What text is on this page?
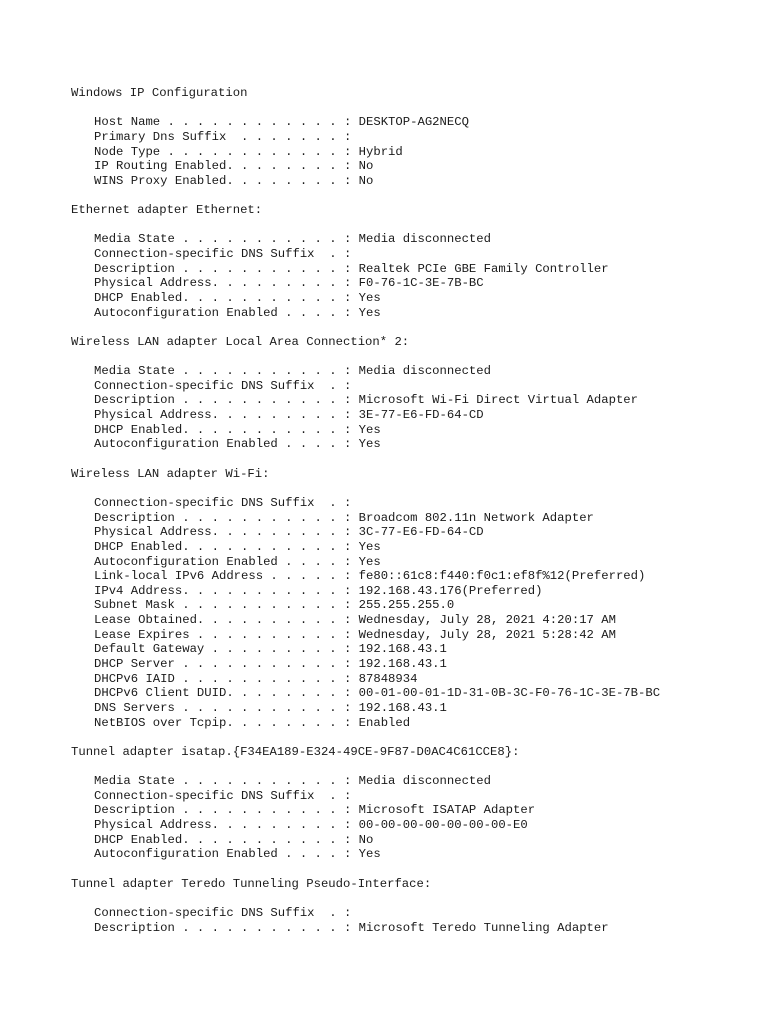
Windows IP Configuration
Host Name . . . . . . . . . . . . : DESKTOP-AG2NECQ
Primary Dns Suffix  . . . . . . . :
Node Type . . . . . . . . . . . . : Hybrid
IP Routing Enabled. . . . . . . . : No
WINS Proxy Enabled. . . . . . . . : No
Ethernet adapter Ethernet:
Media State . . . . . . . . . . . : Media disconnected
Connection-specific DNS Suffix  . :
Description . . . . . . . . . . . : Realtek PCIe GBE Family Controller
Physical Address. . . . . . . . . : F0-76-1C-3E-7B-BC
DHCP Enabled. . . . . . . . . . . : Yes
Autoconfiguration Enabled . . . . : Yes
Wireless LAN adapter Local Area Connection* 2:
Media State . . . . . . . . . . . : Media disconnected
Connection-specific DNS Suffix  . :
Description . . . . . . . . . . . : Microsoft Wi-Fi Direct Virtual Adapter
Physical Address. . . . . . . . . : 3E-77-E6-FD-64-CD
DHCP Enabled. . . . . . . . . . . : Yes
Autoconfiguration Enabled . . . . : Yes
Wireless LAN adapter Wi-Fi:
Connection-specific DNS Suffix  . :
Description . . . . . . . . . . . : Broadcom 802.11n Network Adapter
Physical Address. . . . . . . . . : 3C-77-E6-FD-64-CD
DHCP Enabled. . . . . . . . . . . : Yes
Autoconfiguration Enabled . . . . : Yes
Link-local IPv6 Address . . . . . : fe80::61c8:f440:f0c1:ef8f%12(Preferred)
IPv4 Address. . . . . . . . . . . : 192.168.43.176(Preferred)
Subnet Mask . . . . . . . . . . . : 255.255.255.0
Lease Obtained. . . . . . . . . . : Wednesday, July 28, 2021 4:20:17 AM
Lease Expires . . . . . . . . . . : Wednesday, July 28, 2021 5:28:42 AM
Default Gateway . . . . . . . . . : 192.168.43.1
DHCP Server . . . . . . . . . . . : 192.168.43.1
DHCPv6 IAID . . . . . . . . . . . : 87848934
DHCPv6 Client DUID. . . . . . . . : 00-01-00-01-1D-31-0B-3C-F0-76-1C-3E-7B-BC
DNS Servers . . . . . . . . . . . : 192.168.43.1
NetBIOS over Tcpip. . . . . . . . : Enabled
Tunnel adapter isatap.{F34EA189-E324-49CE-9F87-D0AC4C61CCE8}:
Media State . . . . . . . . . . . : Media disconnected
Connection-specific DNS Suffix  . :
Description . . . . . . . . . . . : Microsoft ISATAP Adapter
Physical Address. . . . . . . . . : 00-00-00-00-00-00-00-E0
DHCP Enabled. . . . . . . . . . . : No
Autoconfiguration Enabled . . . . : Yes
Tunnel adapter Teredo Tunneling Pseudo-Interface:
Connection-specific DNS Suffix  . :
Description . . . . . . . . . . . : Microsoft Teredo Tunneling Adapter
